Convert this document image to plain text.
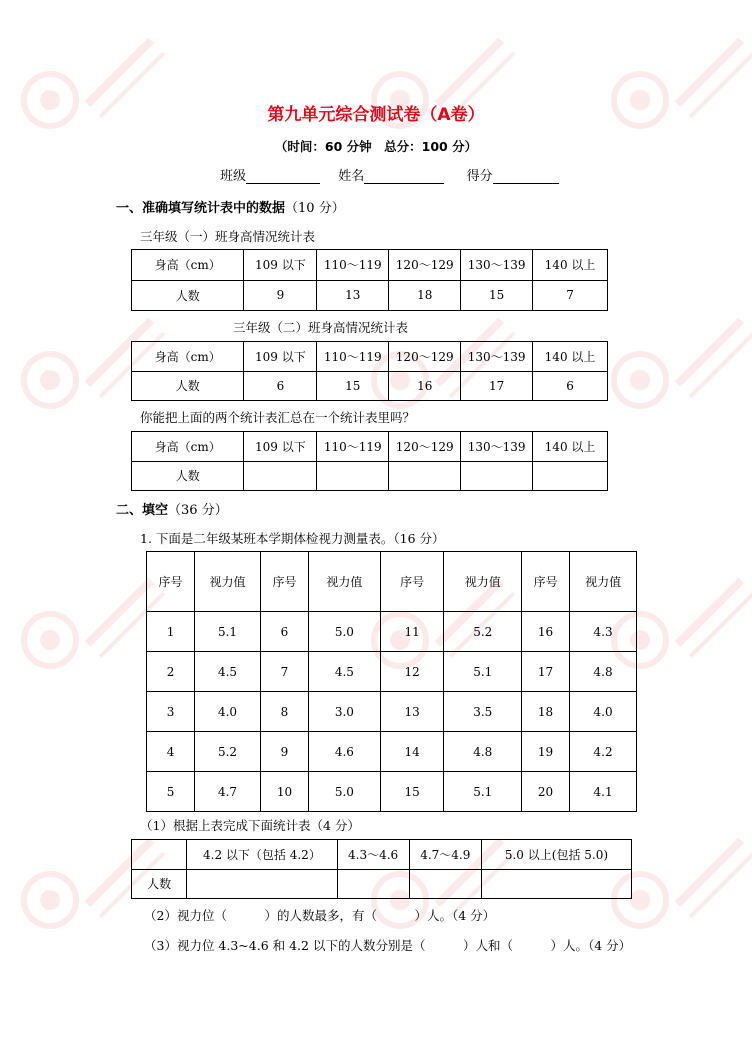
第九单元综合测试卷（A卷）
（时间：60 分钟　总分：100 分）
班级	姓名	得分
一、准确填写统计表中的数据（10 分）
三年级（一）班身高情况统计表
身高（cm）	109 以下	110～119	120～129	130～139	140 以上
人数	9	13	18	15	7
三年级（二）班身高情况统计表
身高（cm）	109 以下	110～119	120～129	130～139	140 以上
人数	6	15	16	17	6
你能把上面的两个统计表汇总在一个统计表里吗？
身高（cm）	109 以下	110～119	120～129	130～139	140 以上
人数					
二、填空（36 分）
1. 下面是二年级某班本学期体检视力测量表。（16 分）
序号	视力值	序号	视力值	序号	视力值	序号	视力值
1	5.1	6	5.0	11	5.2	16	4.3
2	4.5	7	4.5	12	5.1	17	4.8
3	4.0	8	3.0	13	3.5	18	4.0
4	5.2	9	4.6	14	4.8	19	4.2
5	4.7	10	5.0	15	5.1	20	4.1
（1）根据上表完成下面统计表（4 分）
	4.2 以下（包括 4.2）	4.3～4.6	4.7～4.9	5.0 以上(包括 5.0)
人数				
（2）视力位（　　　）的人数最多，有（　　　）人。（4 分）
（3）视力位 4.3~4.6 和 4.2 以下的人数分别是（　　　）人和（　　　）人。（4 分）
